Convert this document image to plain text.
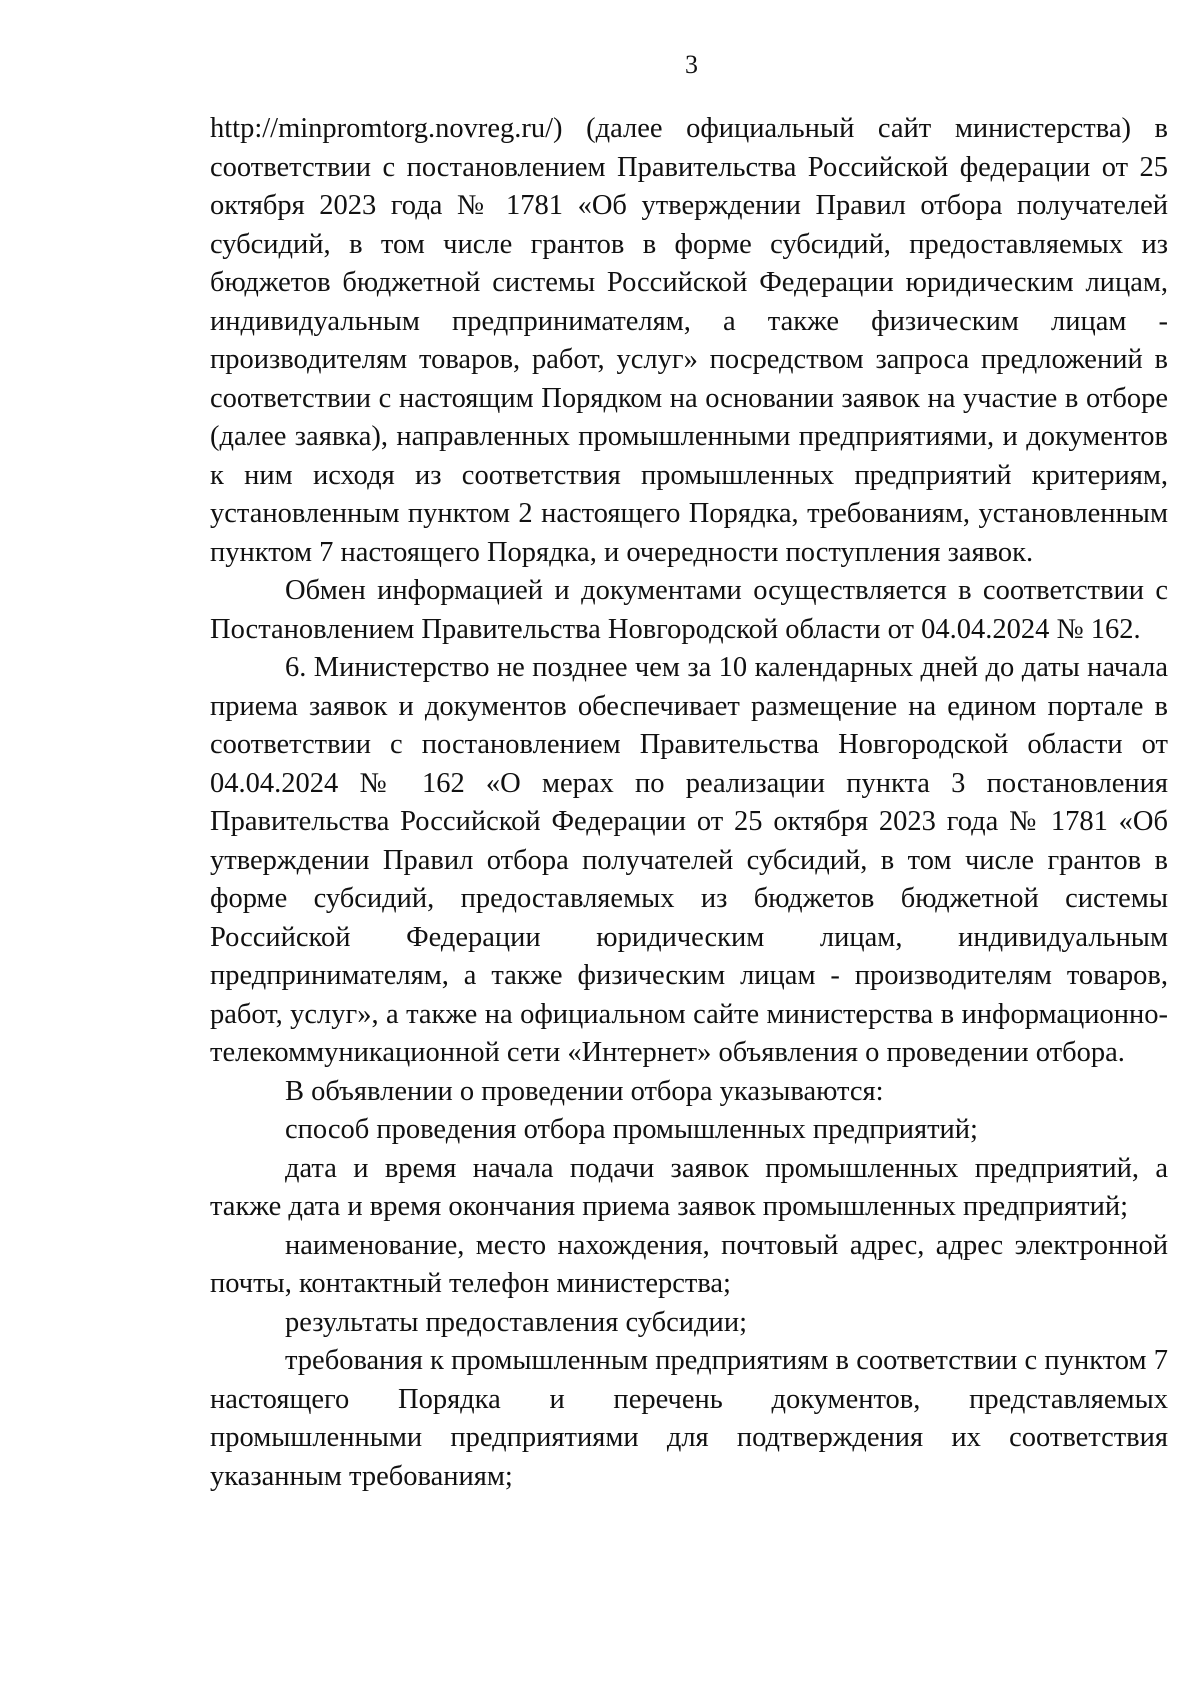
3

http://minpromtorg.novreg.ru/) (далее официальный сайт министерства) в соответствии с постановлением Правительства Российской федерации от 25 октября 2023 года № 1781 «Об утверждении Правил отбора получателей субсидий, в том числе грантов в форме субсидий, предоставляемых из бюджетов бюджетной системы Российской Федерации юридическим лицам, индивидуальным предпринимателям, а также физическим лицам - производителям товаров, работ, услуг» посредством запроса предложений в соответствии с настоящим Порядком на основании заявок на участие в отборе (далее заявка), направленных промышленными предприятиями, и документов к ним исходя из соответствия промышленных предприятий критериям, установленным пунктом 2 настоящего Порядка, требованиям, установленным пунктом 7 настоящего Порядка, и очередности поступления заявок.

Обмен информацией и документами осуществляется в соответствии с Постановлением Правительства Новгородской области от 04.04.2024 № 162.

6. Министерство не позднее чем за 10 календарных дней до даты начала приема заявок и документов обеспечивает размещение на едином портале в соответствии с постановлением Правительства Новгородской области от 04.04.2024 № 162 «О мерах по реализации пункта 3 постановления Правительства Российской Федерации от 25 октября 2023 года № 1781 «Об утверждении Правил отбора получателей субсидий, в том числе грантов в форме субсидий, предоставляемых из бюджетов бюджетной системы Российской Федерации юридическим лицам, индивидуальным предпринимателям, а также физическим лицам - производителям товаров, работ, услуг», а также на официальном сайте министерства в информационно-телекоммуникационной сети «Интернет» объявления о проведении отбора.

В объявлении о проведении отбора указываются:

способ проведения отбора промышленных предприятий;

дата и время начала подачи заявок промышленных предприятий, а также дата и время окончания приема заявок промышленных предприятий;

наименование, место нахождения, почтовый адрес, адрес электронной почты, контактный телефон министерства;

результаты предоставления субсидии;

требования к промышленным предприятиям в соответствии с пунктом 7 настоящего Порядка и перечень документов, представляемых промышленными предприятиями для подтверждения их соответствия указанным требованиям;
